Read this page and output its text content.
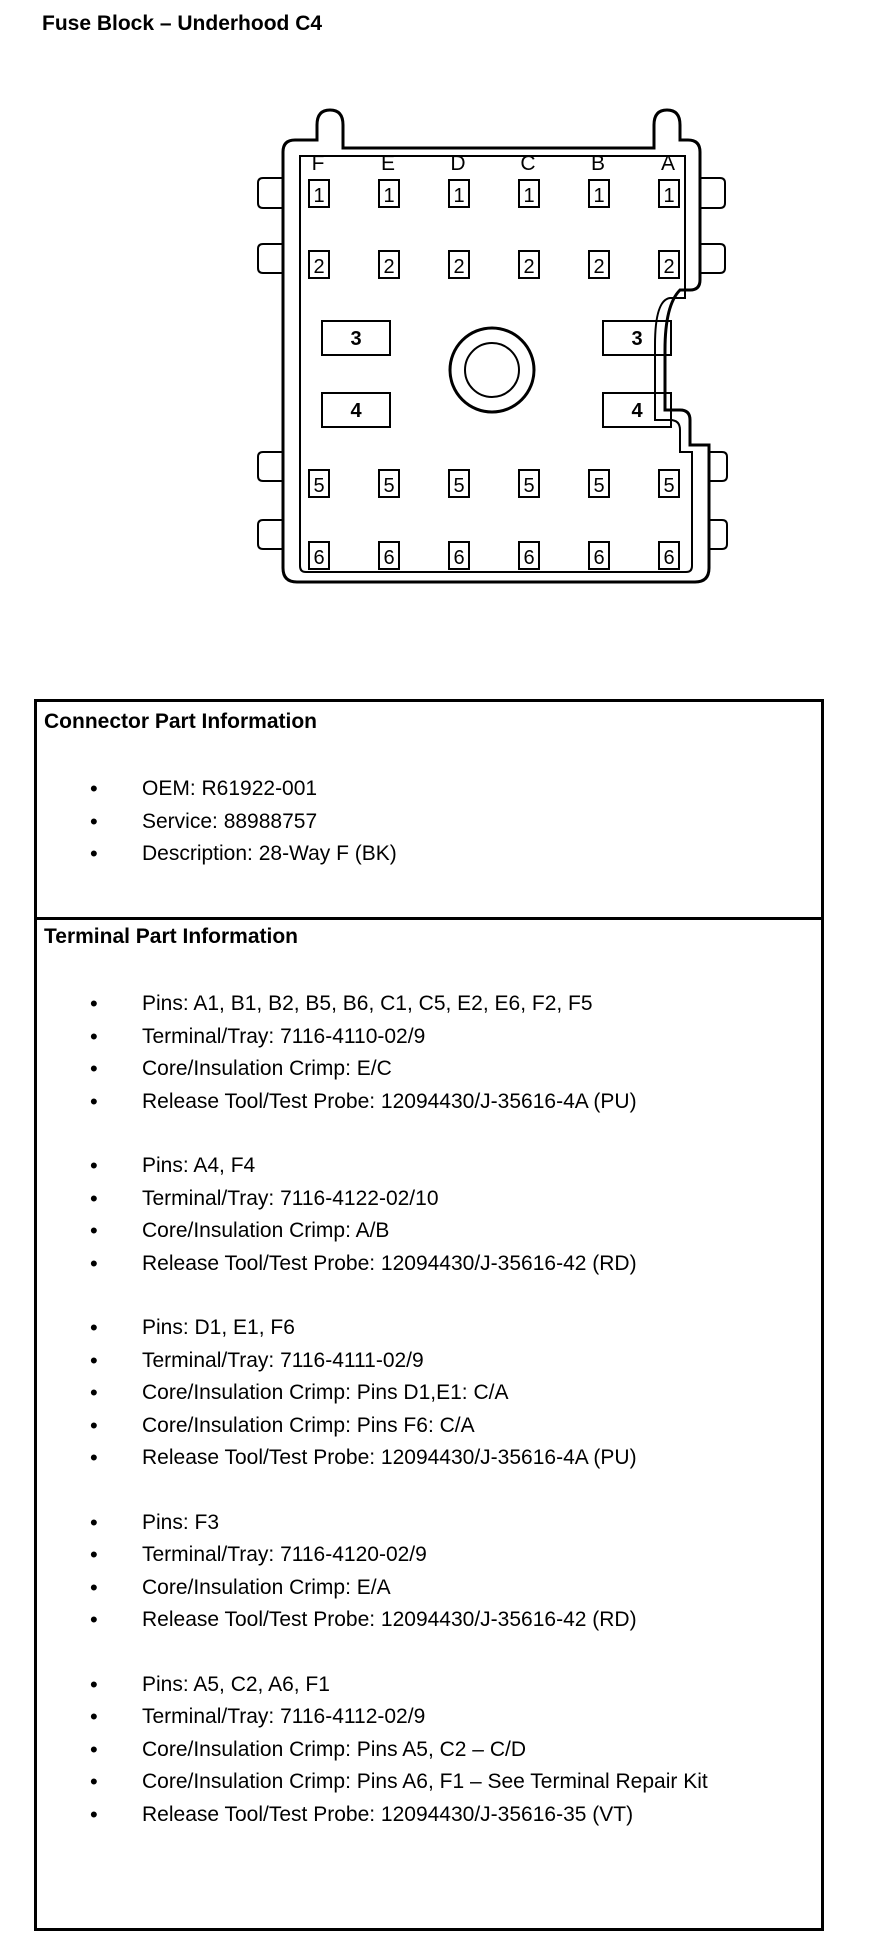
Fuse Block – Underhood C4
F	E	D	C	B	A
1	1	1	1	1	1
2	2	2	2	2	2
3
4
3
4
5	5	5	5	5	5
6	6	6	6	6	6
Connector Part Information
• OEM: R61922-001
• Service: 88988757
• Description: 28-Way F (BK)
Terminal Part Information
• Pins: A1, B1, B2, B5, B6, C1, C5, E2, E6, F2, F5
• Terminal/Tray: 7116-4110-02/9
• Core/Insulation Crimp: E/C
• Release Tool/Test Probe: 12094430/J-35616-4A (PU)
• Pins: A4, F4
• Terminal/Tray: 7116-4122-02/10
• Core/Insulation Crimp: A/B
• Release Tool/Test Probe: 12094430/J-35616-42 (RD)
• Pins: D1, E1, F6
• Terminal/Tray: 7116-4111-02/9
• Core/Insulation Crimp: Pins D1,E1: C/A
• Core/Insulation Crimp: Pins F6: C/A
• Release Tool/Test Probe: 12094430/J-35616-4A (PU)
• Pins: F3
• Terminal/Tray: 7116-4120-02/9
• Core/Insulation Crimp: E/A
• Release Tool/Test Probe: 12094430/J-35616-42 (RD)
• Pins: A5, C2, A6, F1
• Terminal/Tray: 7116-4112-02/9
• Core/Insulation Crimp: Pins A5, C2 – C/D
• Core/Insulation Crimp: Pins A6, F1 – See Terminal Repair Kit
• Release Tool/Test Probe: 12094430/J-35616-35 (VT)
